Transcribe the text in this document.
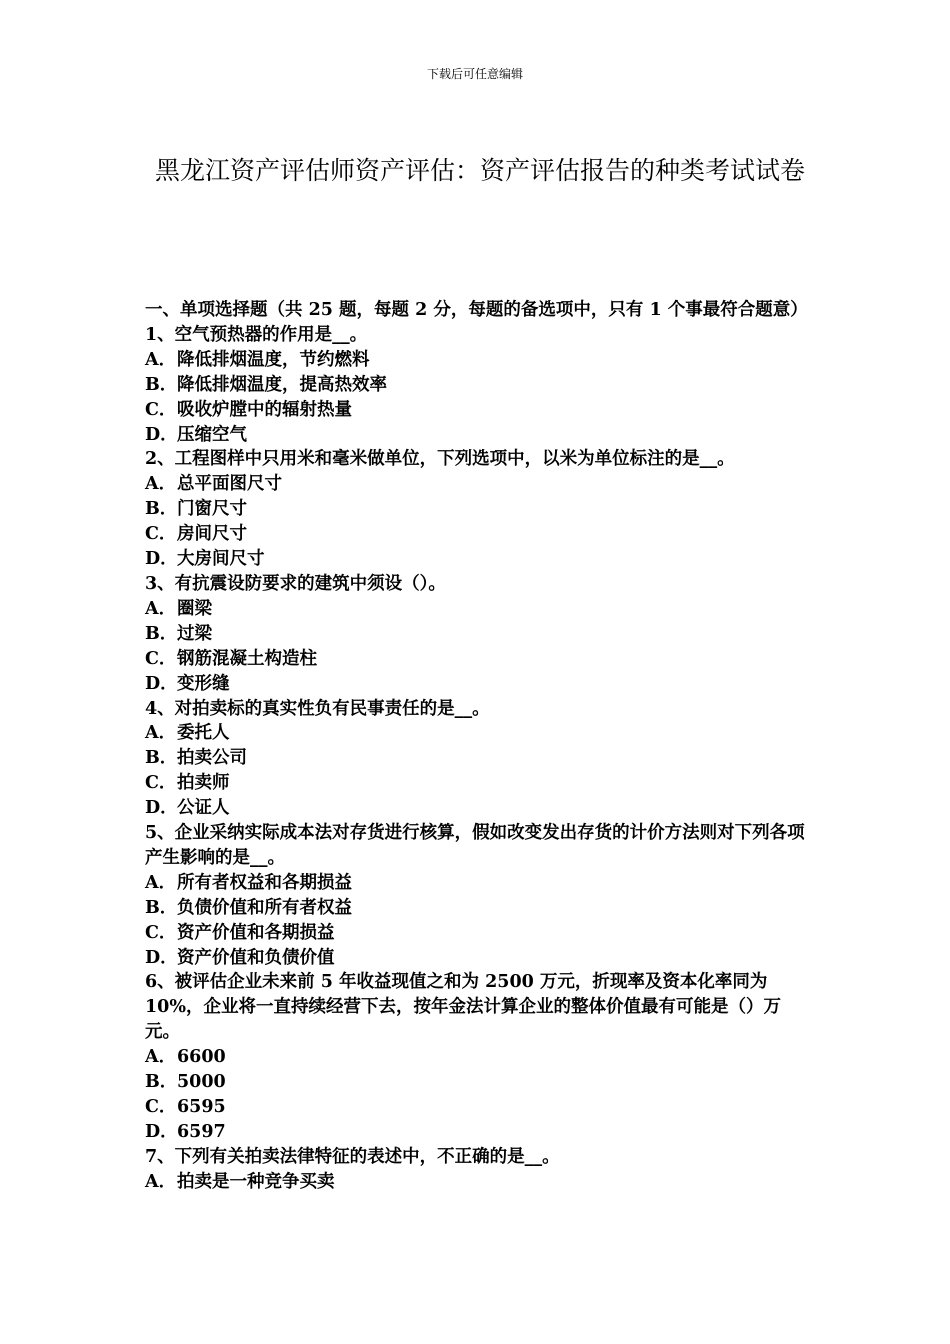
下载后可任意编辑
黑龙江资产评估师资产评估：资产评估报告的种类考试试卷

一、单项选择题（共 25 题，每题 2 分，每题的备选项中，只有 1 个事最符合题意）

1、空气预热器的作用是__。

A．降低排烟温度，节约燃料

B．降低排烟温度，提高热效率

C．吸收炉膛中的辐射热量

D．压缩空气

2、工程图样中只用米和毫米做单位，下列选项中，以米为单位标注的是__。

A．总平面图尺寸

B．门窗尺寸

C．房间尺寸

D．大房间尺寸

3、有抗震设防要求的建筑中须设（）。

A．圈梁

B．过梁

C．钢筋混凝土构造柱

D．变形缝

4、对拍卖标的真实性负有民事责任的是__。

A．委托人

B．拍卖公司

C．拍卖师

D．公证人

5、企业采纳实际成本法对存货进行核算，假如改变发出存货的计价方法则对下列各项产生影响的是__。

A．所有者权益和各期损益

B．负债价值和所有者权益

C．资产价值和各期损益

D．资产价值和负债价值

6、被评估企业未来前 5 年收益现值之和为 2500 万元，折现率及资本化率同为 10%，企业将一直持续经营下去，按年金法计算企业的整体价值最有可能是（）万元。

A．6600

B．5000

C．6595

D．6597

7、下列有关拍卖法律特征的表述中，不正确的是__。

A．拍卖是一种竞争买卖
